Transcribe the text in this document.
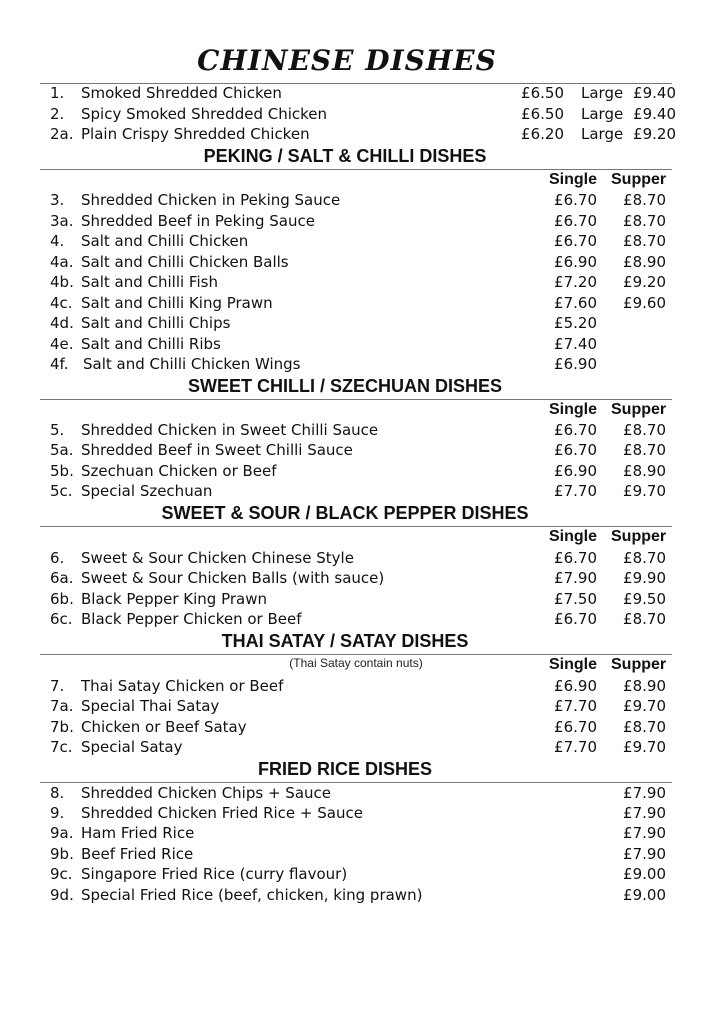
CHINESE DISHES
1. Smoked Shredded Chicken	£6.50 Large £9.40
2. Spicy Smoked Shredded Chicken	£6.50 Large £9.40
2a. Plain Crispy Shredded Chicken	£6.20 Large £9.20
PEKING / SALT & CHILLI DISHES
Single Supper
3. Shredded Chicken in Peking Sauce	£6.70 £8.70
3a. Shredded Beef in Peking Sauce	£6.70 £8.70
4. Salt and Chilli Chicken	£6.70 £8.70
4a. Salt and Chilli Chicken Balls	£6.90 £8.90
4b. Salt and Chilli Fish	£7.20 £9.20
4c. Salt and Chilli King Prawn	£7.60 £9.60
4d. Salt and Chilli Chips	£5.20
4e. Salt and Chilli Ribs	£7.40
4f. Salt and Chilli Chicken Wings	£6.90
SWEET CHILLI / SZECHUAN DISHES
Single Supper
5. Shredded Chicken in Sweet Chilli Sauce	£6.70 £8.70
5a. Shredded Beef in Sweet Chilli Sauce	£6.70 £8.70
5b. Szechuan Chicken or Beef	£6.90 £8.90
5c. Special Szechuan	£7.70 £9.70
SWEET & SOUR / BLACK PEPPER DISHES
Single Supper
6. Sweet & Sour Chicken Chinese Style	£6.70 £8.70
6a. Sweet & Sour Chicken Balls (with sauce)	£7.90 £9.90
6b. Black Pepper King Prawn	£7.50 £9.50
6c. Black Pepper Chicken or Beef	£6.70 £8.70
THAI SATAY / SATAY DISHES
(Thai Satay contain nuts)	Single Supper
7. Thai Satay Chicken or Beef	£6.90 £8.90
7a. Special Thai Satay	£7.70 £9.70
7b. Chicken or Beef Satay	£6.70 £8.70
7c. Special Satay	£7.70 £9.70
FRIED RICE DISHES
8. Shredded Chicken Chips + Sauce	£7.90
9. Shredded Chicken Fried Rice + Sauce	£7.90
9a. Ham Fried Rice	£7.90
9b. Beef Fried Rice	£7.90
9c. Singapore Fried Rice (curry flavour)	£9.00
9d. Special Fried Rice (beef, chicken, king prawn)	£9.00
